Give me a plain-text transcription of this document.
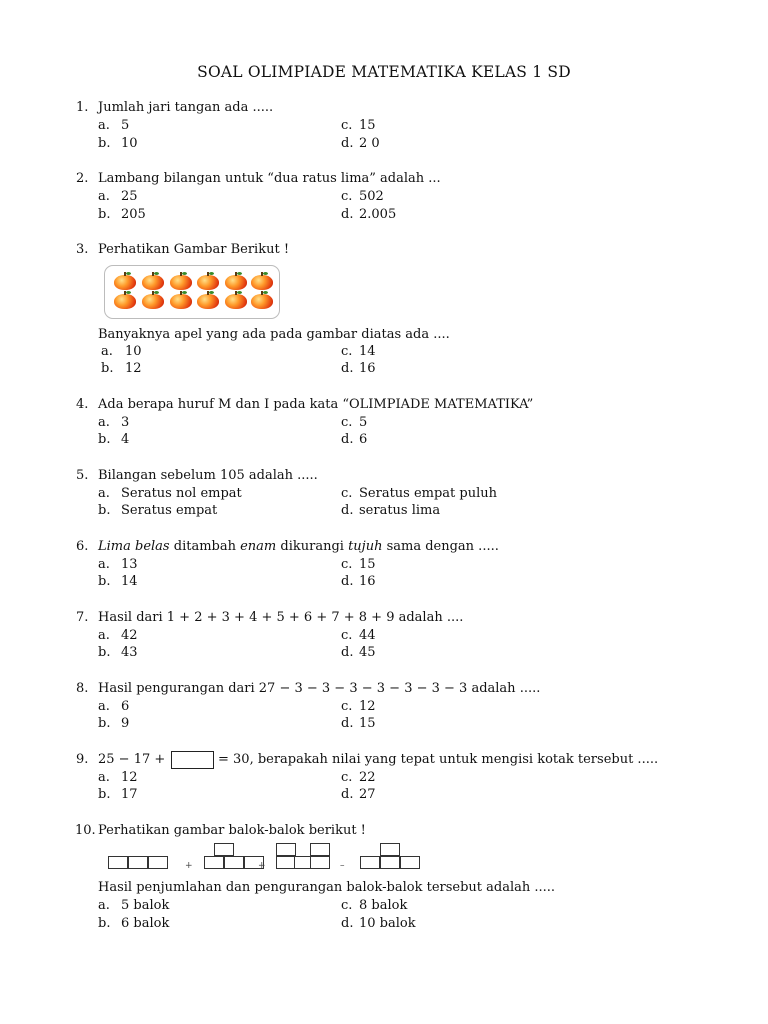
SOAL OLIMPIADE MATEMATIKA KELAS 1 SD
1. Jumlah jari tangan ada .....
a. 5
b. 10
c. 15
d. 2 0
2. Lambang bilangan untuk “dua ratus lima” adalah ...
a. 25
b. 205
c. 502
d. 2.005
3. Perhatikan Gambar Berikut !
Banyaknya apel yang ada pada gambar diatas ada ....
a. 10
b. 12
c. 14
d. 16
4. Ada berapa huruf M dan I pada kata “OLIMPIADE MATEMATIKA”
a. 3
b. 4
c. 5
d. 6
5. Bilangan sebelum 105 adalah .....
a. Seratus nol empat
b. Seratus empat
c. Seratus empat puluh
d. seratus lima
6. Lima belas ditambah enam dikurangi tujuh sama dengan .....
a. 13
b. 14
c. 15
d. 16
7. Hasil dari 1 + 2 + 3 + 4 + 5 + 6 + 7 + 8 + 9 adalah ....
a. 42
b. 43
c. 44
d. 45
8. Hasil pengurangan dari 27 − 3 − 3 − 3 − 3 − 3 − 3 − 3 adalah .....
a. 6
b. 9
c. 12
d. 15
9. 25 − 17 +	= 30, berapakah nilai yang tepat untuk mengisi kotak tersebut .....
a. 12
b. 17
c. 22
d. 27
10. Perhatikan gambar balok-balok berikut !
+	+	–
Hasil penjumlahan dan pengurangan balok-balok tersebut adalah .....
a. 5 balok
b. 6 balok
c. 8 balok
d. 10 balok
